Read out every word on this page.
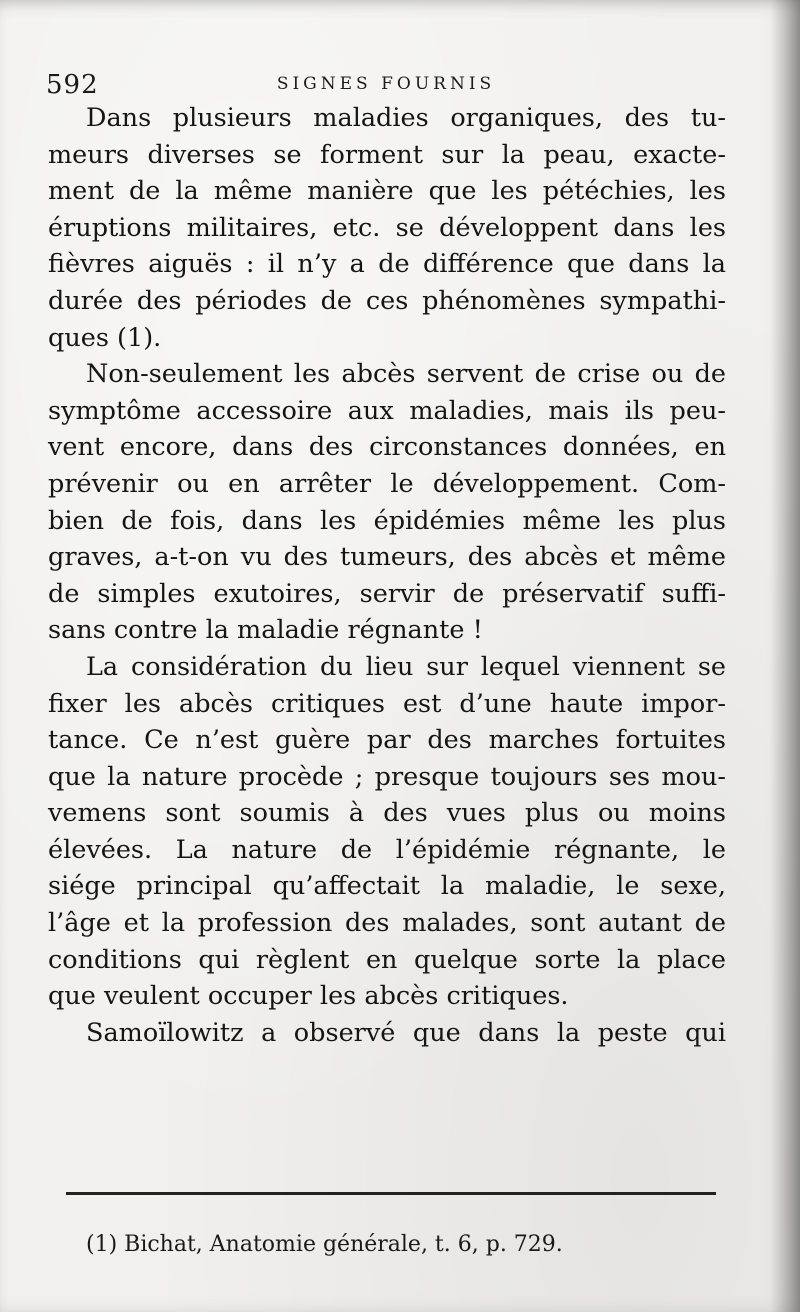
592	SIGNES FOURNIS

Dans plusieurs maladies organiques, des tu-
meurs diverses se forment sur la peau, exacte-
ment de la même manière que les pétéchies, les
éruptions militaires, etc. se développent dans les
fièvres aiguës : il n’y a de différence que dans la
durée des périodes de ces phénomènes sympathi-
ques (1).

Non-seulement les abcès servent de crise ou de
symptôme accessoire aux maladies, mais ils peu-
vent encore, dans des circonstances données, en
prévenir ou en arrêter le développement. Com-
bien de fois, dans les épidémies même les plus
graves, a-t-on vu des tumeurs, des abcès et même
de simples exutoires, servir de préservatif suffi-
sans contre la maladie régnante !

La considération du lieu sur lequel viennent se
fixer les abcès critiques est d’une haute impor-
tance. Ce n’est guère par des marches fortuites
que la nature procède ; presque toujours ses mou-
vemens sont soumis à des vues plus ou moins
élevées. La nature de l’épidémie régnante, le
siége principal qu’affectait la maladie, le sexe,
l’âge et la profession des malades, sont autant de
conditions qui règlent en quelque sorte la place
que veulent occuper les abcès critiques.

Samoïlowitz a observé que dans la peste qui

(1) Bichat, Anatomie générale, t. 6, p. 729.
